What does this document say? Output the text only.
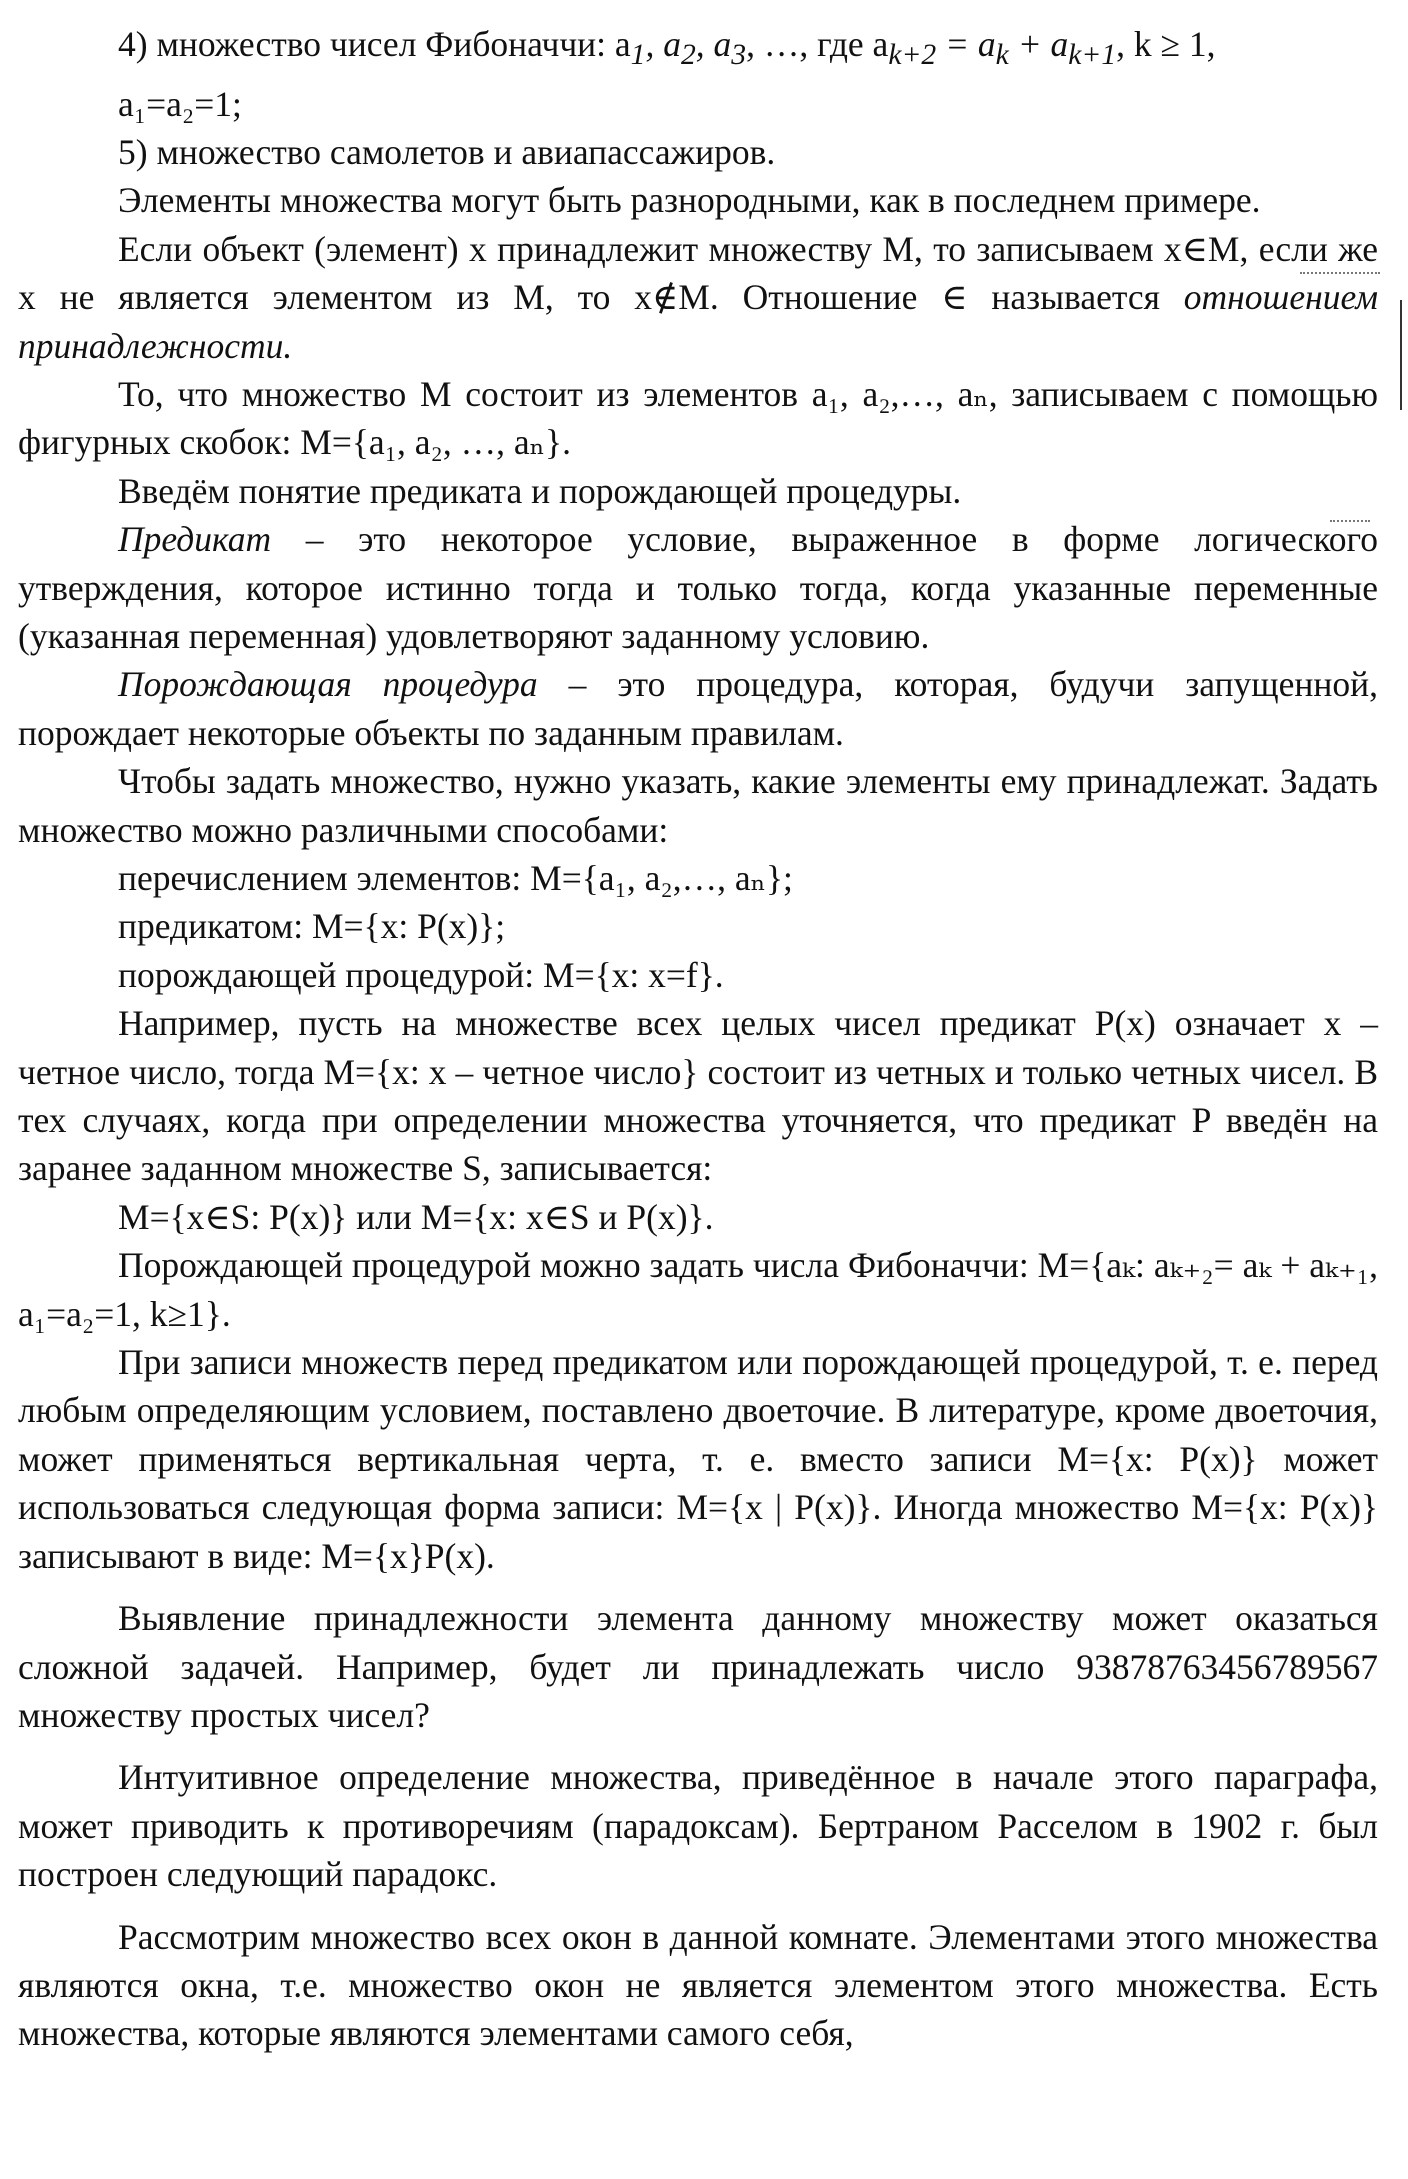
4) множество чисел Фибоначчи: $a_1$, $a_2$, $a_3$, …, где $a_{k+2} = a_k + a_{k+1}$, k ≥ 1,

a₁=a₂=1;

5) множество самолетов и авиапассажиров.

Элементы множества могут быть разнородными, как в последнем примере.

Если объект (элемент) x принадлежит множеству M, то записываем x∈M, если же x не является элементом из M, то x∉M. Отношение ∈ называется отношением принадлежности.

То, что множество M состоит из элементов a₁, a₂,…, aₙ, записываем с помощью фигурных скобок: M={a₁, a₂, …, aₙ}.

Введём понятие предиката и порождающей процедуры.

Предикат – это некоторое условие, выраженное в форме логического утверждения, которое истинно тогда и только тогда, когда указанные переменные (указанная переменная) удовлетворяют заданному условию.

Порождающая процедура – это процедура, которая, будучи запущенной, порождает некоторые объекты по заданным правилам.

Чтобы задать множество, нужно указать, какие элементы ему принадлежат. Задать множество можно различными способами:

перечислением элементов: M={a₁, a₂,…, aₙ};

предикатом: M={x: P(x)};

порождающей процедурой: M={x: x=f}.

Например, пусть на множестве всех целых чисел предикат P(x) означает x – четное число, тогда M={x: x – четное число} состоит из четных и только четных чисел. В тех случаях, когда при определении множества уточняется, что предикат P введён на заранее заданном множестве S, записывается:

M={x∈S: P(x)} или M={x: x∈S и P(x)}.

Порождающей процедурой можно задать числа Фибоначчи: M={aₖ: aₖ₊₂= aₖ + aₖ₊₁, a₁=a₂=1, k≥1}.

При записи множеств перед предикатом или порождающей процедурой, т. е. перед любым определяющим условием, поставлено двоеточие. В литературе, кроме двоеточия, может применяться вертикальная черта, т. е. вместо записи M={x: P(x)} может использоваться следующая форма записи: M={x | P(x)}. Иногда множество M={x: P(x)} записывают в виде: M={x}P(x).

Выявление принадлежности элемента данному множеству может оказаться сложной задачей. Например, будет ли принадлежать число 93878763456789567 множеству простых чисел?

Интуитивное определение множества, приведённое в начале этого параграфа, может приводить к противоречиям (парадоксам). Бертраном Расселом в 1902 г. был построен следующий парадокс.

Рассмотрим множество всех окон в данной комнате. Элементами этого множества являются окна, т.е. множество окон не является элементом этого множества. Есть множества, которые являются элементами самого себя,
